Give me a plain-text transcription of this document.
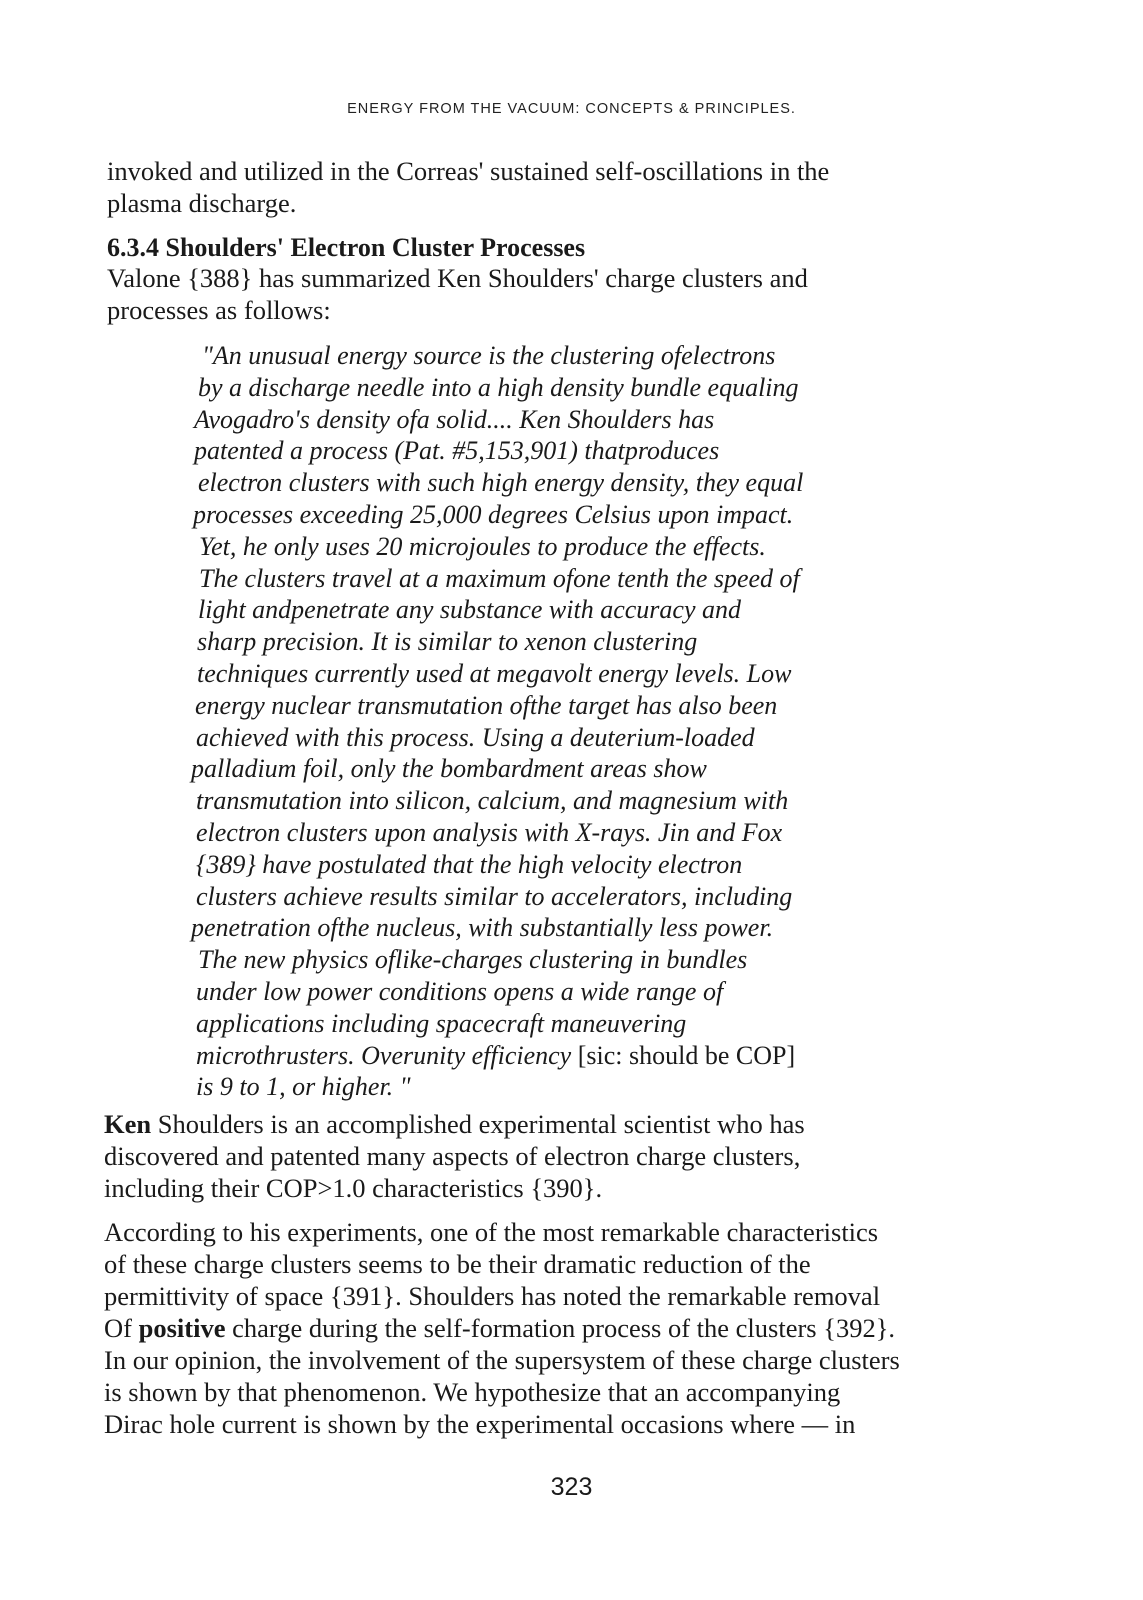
ENERGY FROM THE VACUUM: CONCEPTS & PRINCIPLES.

invoked and utilized in the Correas' sustained self-oscillations in the
plasma discharge.

6.3.4 Shoulders' Electron Cluster Processes

Valone {388} has summarized Ken Shoulders' charge clusters and
processes as follows:

"An unusual energy source is the clustering ofelectrons
by a discharge needle into a high density bundle equaling
Avogadro's density ofa solid.... Ken Shoulders has
patented a process (Pat. #5,153,901) thatproduces
electron clusters with such high energy density, they equal
processes exceeding 25,000 degrees Celsius upon impact.
Yet, he only uses 20 microjoules to produce the effects.
The clusters travel at a maximum ofone tenth the speed of
light andpenetrate any substance with accuracy and
sharp precision. It is similar to xenon clustering
techniques currently used at megavolt energy levels. Low
energy nuclear transmutation ofthe target has also been
achieved with this process. Using a deuterium-loaded
palladium foil, only the bombardment areas show
transmutation into silicon, calcium, and magnesium with
electron clusters upon analysis with X-rays. Jin and Fox
{389} have postulated that the high velocity electron
clusters achieve results similar to accelerators, including
penetration ofthe nucleus, with substantially less power.
The new physics oflike-charges clustering in bundles
under low power conditions opens a wide range of
applications including spacecraft maneuvering
microthrusters. Overunity efficiency [sic: should be COP]
is 9 to 1, or higher. "

Ken Shoulders is an accomplished experimental scientist who has
discovered and patented many aspects of electron charge clusters,
including their COP>1.0 characteristics {390}.

According to his experiments, one of the most remarkable characteristics
of these charge clusters seems to be their dramatic reduction of the
permittivity of space {391}. Shoulders has noted the remarkable removal
Of positive charge during the self-formation process of the clusters {392}.
In our opinion, the involvement of the supersystem of these charge clusters
is shown by that phenomenon. We hypothesize that an accompanying
Dirac hole current is shown by the experimental occasions where — in

323
